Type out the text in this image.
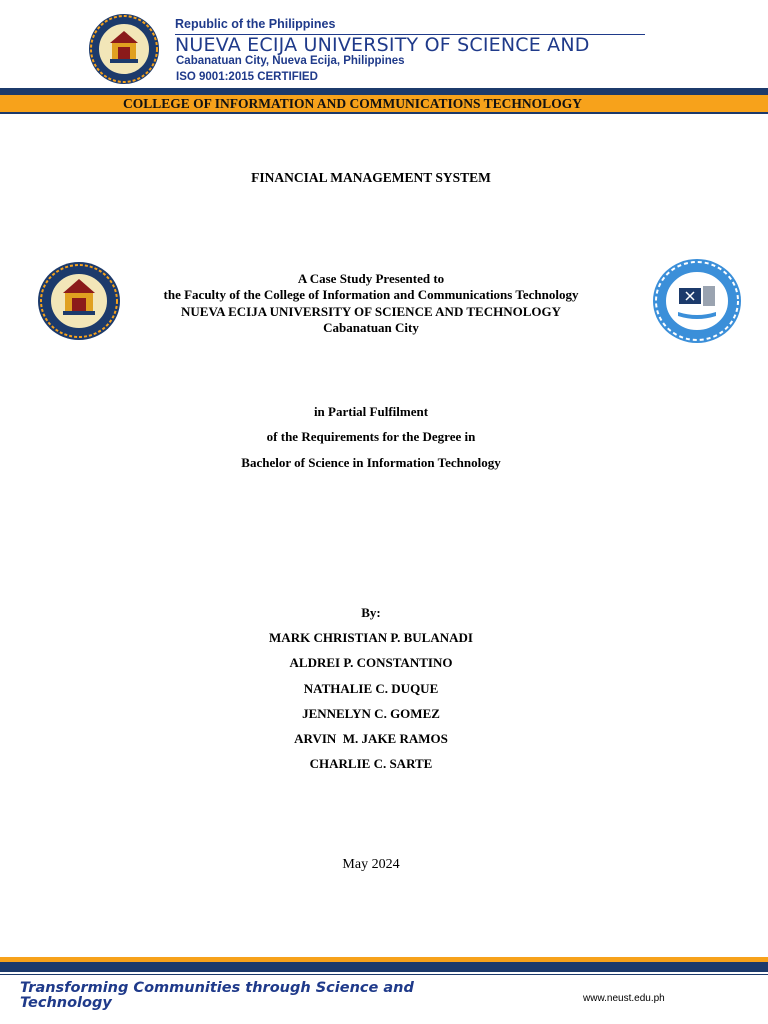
Republic of the Philippines
NUEVA ECIJA UNIVERSITY OF SCIENCE AND
Cabanatuan City, Nueva Ecija, Philippines
ISO 9001:2015 CERTIFIED
COLLEGE OF INFORMATION AND COMMUNICATIONS TECHNOLOGY
FINANCIAL MANAGEMENT SYSTEM
A Case Study Presented to
the Faculty of the College of Information and Communications Technology
NUEVA ECIJA UNIVERSITY OF SCIENCE AND TECHNOLOGY
Cabanatuan City
in Partial Fulfilment
of the Requirements for the Degree in
Bachelor of Science in Information Technology
By:
MARK CHRISTIAN P. BULANADI
ALDREI P. CONSTANTINO
NATHALIE C. DUQUE
JENNELYN C. GOMEZ
ARVIN  M. JAKE RAMOS
CHARLIE C. SARTE
May 2024
Transforming Communities through Science and Technology	www.neust.edu.ph
